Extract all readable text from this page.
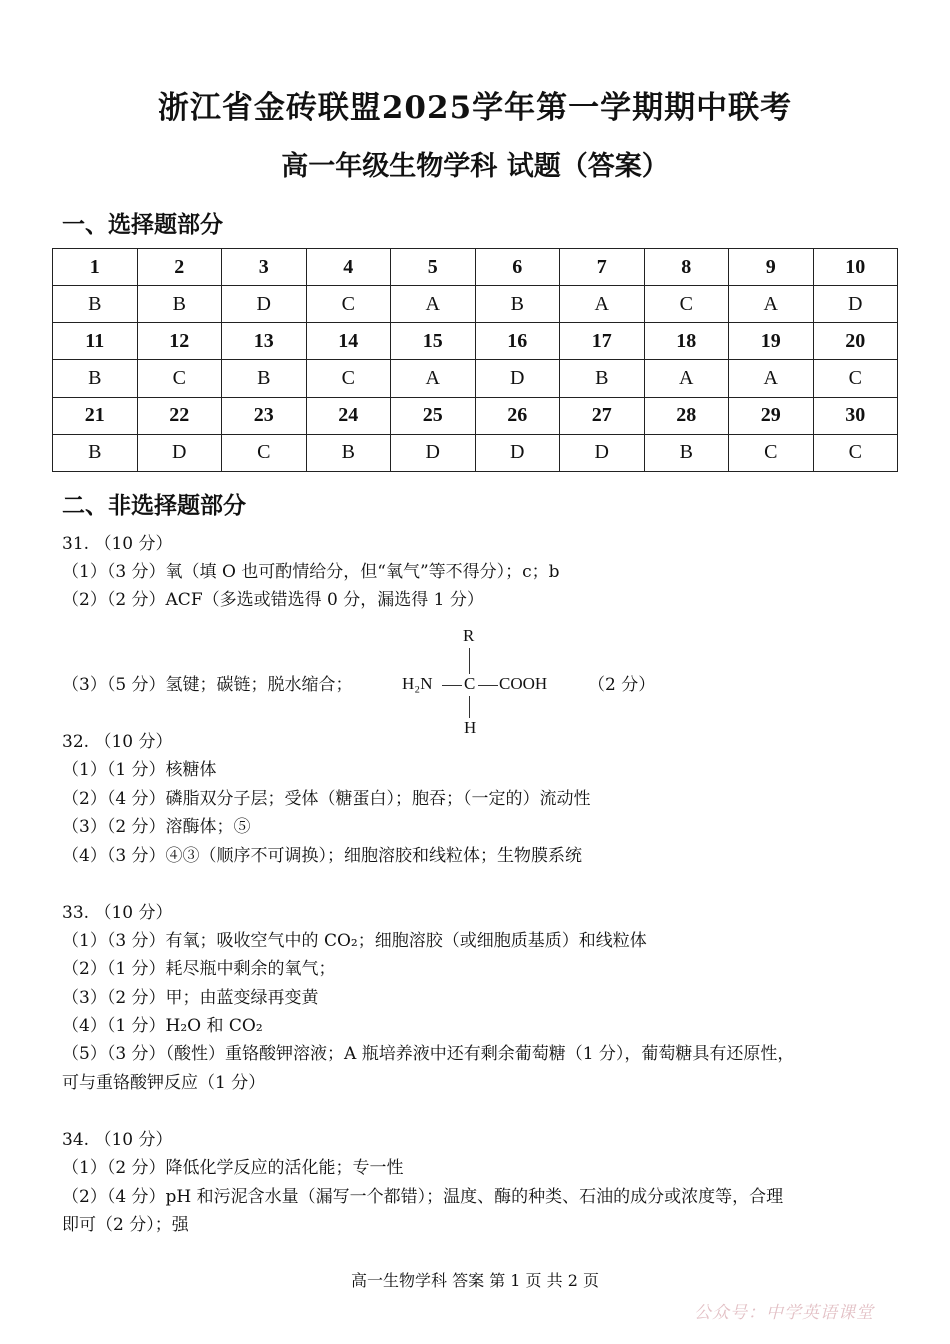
浙江省金砖联盟2025学年第一学期期中联考
高一年级生物学科 试题（答案）
一、选择题部分
1	2	3	4	5	6	7	8	9	10
B	B	D	C	A	B	A	C	A	D
11	12	13	14	15	16	17	18	19	20
B	C	B	C	A	D	B	A	A	C
21	22	23	24	25	26	27	28	29	30
B	D	C	B	D	D	D	B	C	C
二、非选择题部分
31. （10 分）
（1）（3 分）氧（填 O 也可酌情给分，但“氧气”等不得分）；c；b
（2）（2 分）ACF（多选或错选得 0 分，漏选得 1 分）
（3）（5 分）氢键；碳链；脱水缩合；
R
H₂N C COOH
H
（2 分）
32. （10 分）
（1）（1 分）核糖体
（2）（4 分）磷脂双分子层；受体（糖蛋白）；胞吞；（一定的）流动性
（3）（2 分）溶酶体；⑤
（4）（3 分）④③（顺序不可调换）；细胞溶胶和线粒体；生物膜系统
33. （10 分）
（1）（3 分）有氧；吸收空气中的 CO₂；细胞溶胶（或细胞质基质）和线粒体
（2）（1 分）耗尽瓶中剩余的氧气；
（3）（2 分）甲；由蓝变绿再变黄
（4）（1 分）H₂O 和 CO₂
（5）（3 分）（酸性）重铬酸钾溶液；A 瓶培养液中还有剩余葡萄糖（1 分），葡萄糖具有还原性，
可与重铬酸钾反应（1 分）
34. （10 分）
（1）（2 分）降低化学反应的活化能；专一性
（2）（4 分）pH 和污泥含水量（漏写一个都错）；温度、酶的种类、石油的成分或浓度等，合理
即可（2 分）；强
高一生物学科 答案 第 1 页 共 2 页
公众号：中学英语课堂
